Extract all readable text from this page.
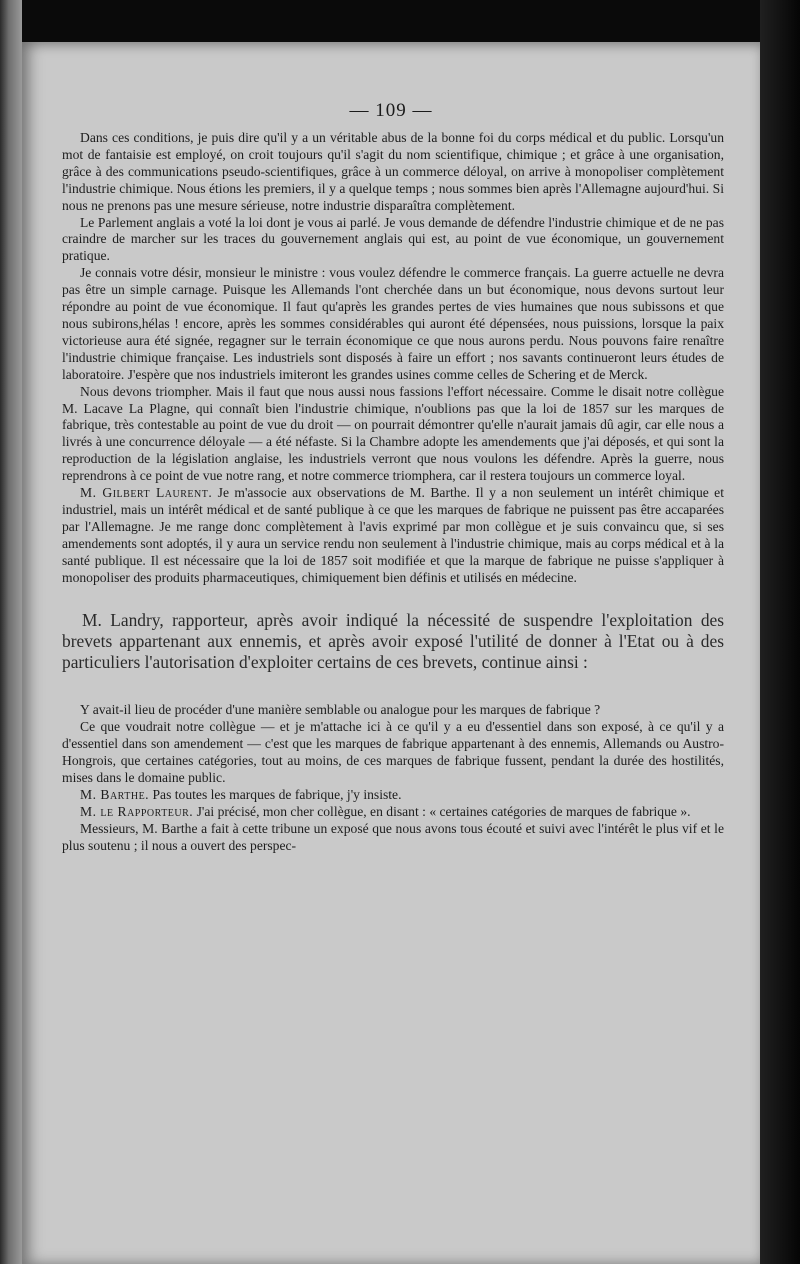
— 109 —

Dans ces conditions, je puis dire qu'il y a un véritable abus de la bonne foi du corps médical et du public. Lorsqu'un mot de fantaisie est employé, on croit toujours qu'il s'agit du nom scientifique, chimique ; et grâce à une organisation, grâce à des communications pseudo-scientifiques, grâce à un commerce déloyal, on arrive à monopoliser complètement l'industrie chimique. Nous étions les premiers, il y a quelque temps ; nous sommes bien après l'Allemagne aujourd'hui. Si nous ne prenons pas une mesure sérieuse, notre industrie disparaîtra complètement.

Le Parlement anglais a voté la loi dont je vous ai parlé. Je vous demande de défendre l'industrie chimique et de ne pas craindre de marcher sur les traces du gouvernement anglais qui est, au point de vue économique, un gouvernement pratique.

Je connais votre désir, monsieur le ministre : vous voulez défendre le commerce français. La guerre actuelle ne devra pas être un simple carnage. Puisque les Allemands l'ont cherchée dans un but économique, nous devons surtout leur répondre au point de vue économique. Il faut qu'après les grandes pertes de vies humaines que nous subissons et que nous subirons,hélas ! encore, après les sommes considérables qui auront été dépensées, nous puissions, lorsque la paix victorieuse aura été signée, regagner sur le terrain économique ce que nous aurons perdu. Nous pouvons faire renaître l'industrie chimique française. Les industriels sont disposés à faire un effort ; nos savants continueront leurs études de laboratoire. J'espère que nos industriels imiteront les grandes usines comme celles de Schering et de Merck.

Nous devons triompher. Mais il faut que nous aussi nous fassions l'effort nécessaire. Comme le disait notre collègue M. Lacave La Plagne, qui connaît bien l'industrie chimique, n'oublions pas que la loi de 1857 sur les marques de fabrique, très contestable au point de vue du droit — on pourrait démontrer qu'elle n'aurait jamais dû agir, car elle nous a livrés à une concurrence déloyale — a été néfaste. Si la Chambre adopte les amendements que j'ai déposés, et qui sont la reproduction de la législation anglaise, les industriels verront que nous voulons les défendre. Après la guerre, nous reprendrons à ce point de vue notre rang, et notre commerce triomphera, car il restera toujours un commerce loyal.

M. Gilbert Laurent. Je m'associe aux observations de M. Barthe. Il y a non seulement un intérêt chimique et industriel, mais un intérêt médical et de santé publique à ce que les marques de fabrique ne puissent pas être accaparées par l'Allemagne. Je me range donc complètement à l'avis exprimé par mon collègue et je suis convaincu que, si ses amendements sont adoptés, il y aura un service rendu non seulement à l'industrie chimique, mais au corps médical et à la santé publique. Il est nécessaire que la loi de 1857 soit modifiée et que la marque de fabrique ne puisse s'appliquer à monopoliser des produits pharmaceutiques, chimiquement bien définis et utilisés en médecine.

M. Landry, rapporteur, après avoir indiqué la nécessité de suspendre l'exploitation des brevets appartenant aux ennemis, et après avoir exposé l'utilité de donner à l'Etat ou à des particuliers l'autorisation d'exploiter certains de ces brevets, continue ainsi :

Y avait-il lieu de procéder d'une manière semblable ou analogue pour les marques de fabrique ?

Ce que voudrait notre collègue — et je m'attache ici à ce qu'il y a eu d'essentiel dans son exposé, à ce qu'il y a d'essentiel dans son amendement — c'est que les marques de fabrique appartenant à des ennemis, Allemands ou Austro-Hongrois, que certaines catégories, tout au moins, de ces marques de fabrique fussent, pendant la durée des hostilités, mises dans le domaine public.

M. Barthe. Pas toutes les marques de fabrique, j'y insiste.

M. le Rapporteur. J'ai précisé, mon cher collègue, en disant : « certaines catégories de marques de fabrique ».

Messieurs, M. Barthe a fait à cette tribune un exposé que nous avons tous écouté et suivi avec l'intérêt le plus vif et le plus soutenu ; il nous a ouvert des perspec-
